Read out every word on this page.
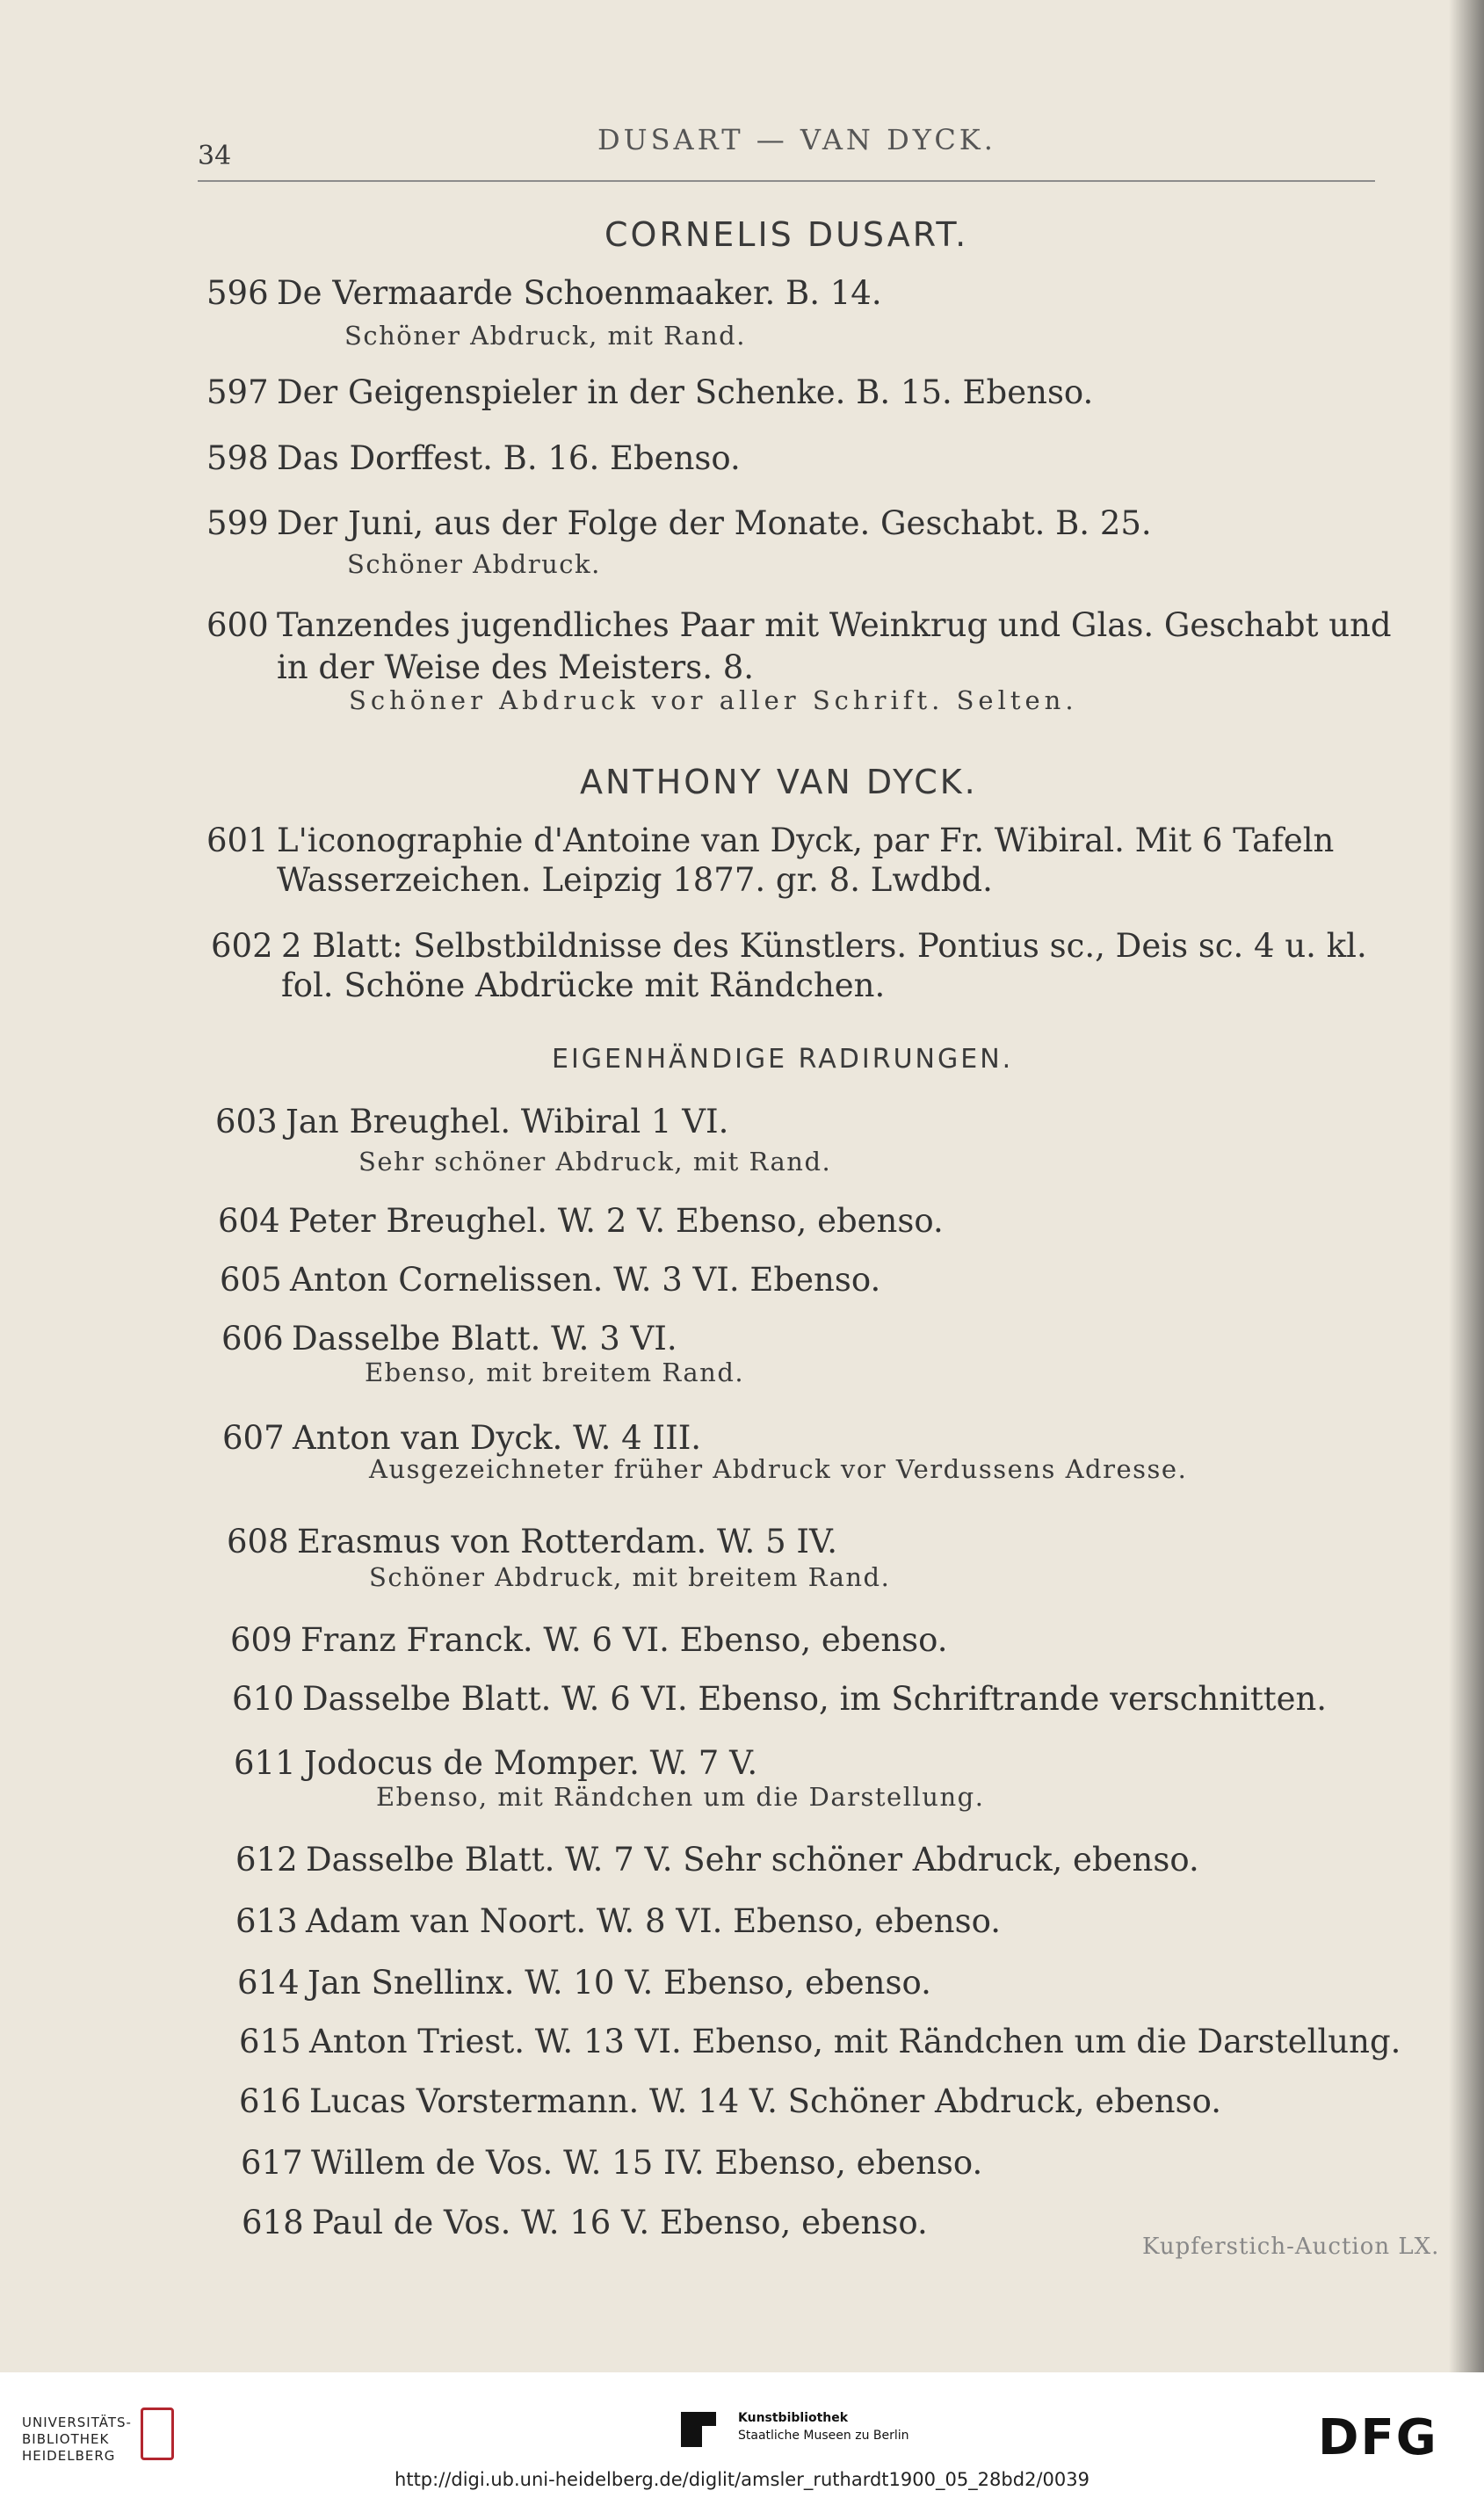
34	DUSART — VAN DYCK.
CORNELIS DUSART.
596 De Vermaarde Schoenmaaker. B. 14.
Schöner Abdruck, mit Rand.
597 Der Geigenspieler in der Schenke. B. 15. Ebenso.
598 Das Dorffest. B. 16. Ebenso.
599 Der Juni, aus der Folge der Monate. Geschabt. B. 25.
Schöner Abdruck.
600 Tanzendes jugendliches Paar mit Weinkrug und Glas. Geschabt und
in der Weise des Meisters. 8.
Schöner Abdruck vor aller Schrift. Selten.
ANTHONY VAN DYCK.
601 L'iconographie d'Antoine van Dyck, par Fr. Wibiral. Mit 6 Tafeln
Wasserzeichen. Leipzig 1877. gr. 8. Lwdbd.
602 2 Blatt: Selbstbildnisse des Künstlers. Pontius sc., Deis sc. 4 u. kl.
fol. Schöne Abdrücke mit Rändchen.
EIGENHÄNDIGE RADIRUNGEN.
603 Jan Breughel. Wibiral 1 VI.
Sehr schöner Abdruck, mit Rand.
604 Peter Breughel. W. 2 V. Ebenso, ebenso.
605 Anton Cornelissen. W. 3 VI. Ebenso.
606 Dasselbe Blatt. W. 3 VI.
Ebenso, mit breitem Rand.
607 Anton van Dyck. W. 4 III.
Ausgezeichneter früher Abdruck vor Verdussens Adresse.
608 Erasmus von Rotterdam. W. 5 IV.
Schöner Abdruck, mit breitem Rand.
609 Franz Franck. W. 6 VI. Ebenso, ebenso.
610 Dasselbe Blatt. W. 6 VI. Ebenso, im Schriftrande verschnitten.
611 Jodocus de Momper. W. 7 V.
Ebenso, mit Rändchen um die Darstellung.
612 Dasselbe Blatt. W. 7 V. Sehr schöner Abdruck, ebenso.
613 Adam van Noort. W. 8 VI. Ebenso, ebenso.
614 Jan Snellinx. W. 10 V. Ebenso, ebenso.
615 Anton Triest. W. 13 VI. Ebenso, mit Rändchen um die Darstellung.
616 Lucas Vorstermann. W. 14 V. Schöner Abdruck, ebenso.
617 Willem de Vos. W. 15 IV. Ebenso, ebenso.
618 Paul de Vos. W. 16 V. Ebenso, ebenso.
Kupferstich-Auction LX.
UNIVERSITÄTS-
BIBLIOTHEK
HEIDELBERG
Kunstbibliothek
Staatliche Museen zu Berlin	DFG
http://digi.ub.uni-heidelberg.de/diglit/amsler_ruthardt1900_05_28bd2/0039
